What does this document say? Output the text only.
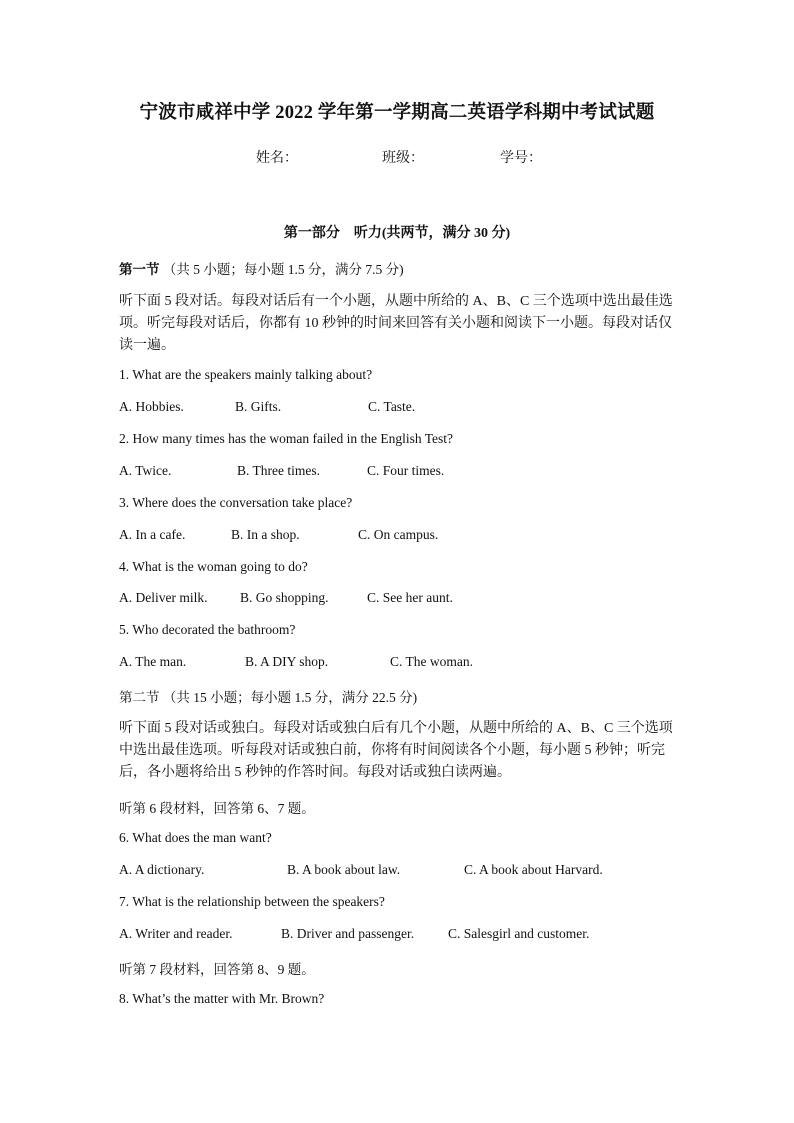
宁波市咸祥中学 2022 学年第一学期高二英语学科期中考试试题
姓名：	班级：	学号：
第一部分　听力(共两节，满分 30 分)
第一节 （共 5 小题；每小题 1.5 分，满分 7.5 分)
听下面 5 段对话。每段对话后有一个小题，从题中所给的 A、B、C 三个选项中选出最佳选项。听完每段对话后，你都有 10 秒钟的时间来回答有关小题和阅读下一小题。每段对话仅读一遍。
1. What are the speakers mainly talking about?
A. Hobbies.	B. Gifts.	C. Taste.
2. How many times has the woman failed in the English Test?
A. Twice.	B. Three times.	C. Four times.
3. Where does the conversation take place?
A. In a cafe.	B. In a shop.	C. On campus.
4. What is the woman going to do?
A. Deliver milk. B. Go shopping.	C. See her aunt.
5. Who decorated the bathroom?
A. The man.	B. A DIY shop.	C. The woman.
第二节 （共 15 小题；每小题 1.5 分，满分 22.5 分)
听下面 5 段对话或独白。每段对话或独白后有几个小题，从题中所给的 A、B、C 三个选项中选出最佳选项。听每段对话或独白前，你将有时间阅读各个小题，每小题 5 秒钟；听完后，各小题将给出 5 秒钟的作答时间。每段对话或独白读两遍。
听第 6 段材料，回答第 6、7 题。
6. What does the man want?
A. A dictionary.	B. A book about law.	C. A book about Harvard.
7. What is the relationship between the speakers?
A. Writer and reader.	B. Driver and passenger.	C. Salesgirl and customer.
听第 7 段材料，回答第 8、9 题。
8. What’s the matter with Mr. Brown?
